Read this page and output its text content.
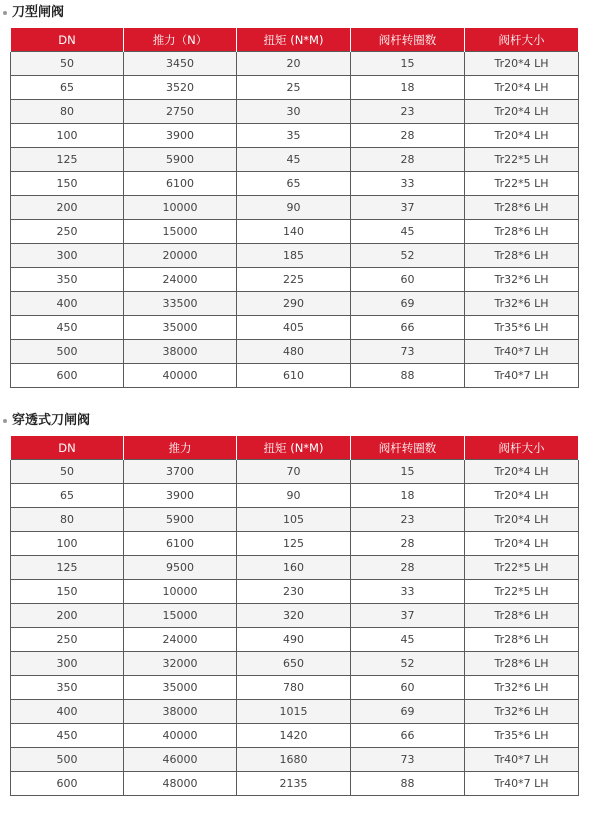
刀型闸阀
DN	推力（N）	扭矩 (N*M)	阀杆转圈数	阀杆大小
50	3450	20	15	Tr20*4 LH
65	3520	25	18	Tr20*4 LH
80	2750	30	23	Tr20*4 LH
100	3900	35	28	Tr20*4 LH
125	5900	45	28	Tr22*5 LH
150	6100	65	33	Tr22*5 LH
200	10000	90	37	Tr28*6 LH
250	15000	140	45	Tr28*6 LH
300	20000	185	52	Tr28*6 LH
350	24000	225	60	Tr32*6 LH
400	33500	290	69	Tr32*6 LH
450	35000	405	66	Tr35*6 LH
500	38000	480	73	Tr40*7 LH
600	40000	610	88	Tr40*7 LH
穿透式刀闸阀
DN	推力	扭矩 (N*M)	阀杆转圈数	阀杆大小
50	3700	70	15	Tr20*4 LH
65	3900	90	18	Tr20*4 LH
80	5900	105	23	Tr20*4 LH
100	6100	125	28	Tr20*4 LH
125	9500	160	28	Tr22*5 LH
150	10000	230	33	Tr22*5 LH
200	15000	320	37	Tr28*6 LH
250	24000	490	45	Tr28*6 LH
300	32000	650	52	Tr28*6 LH
350	35000	780	60	Tr32*6 LH
400	38000	1015	69	Tr32*6 LH
450	40000	1420	66	Tr35*6 LH
500	46000	1680	73	Tr40*7 LH
600	48000	2135	88	Tr40*7 LH
